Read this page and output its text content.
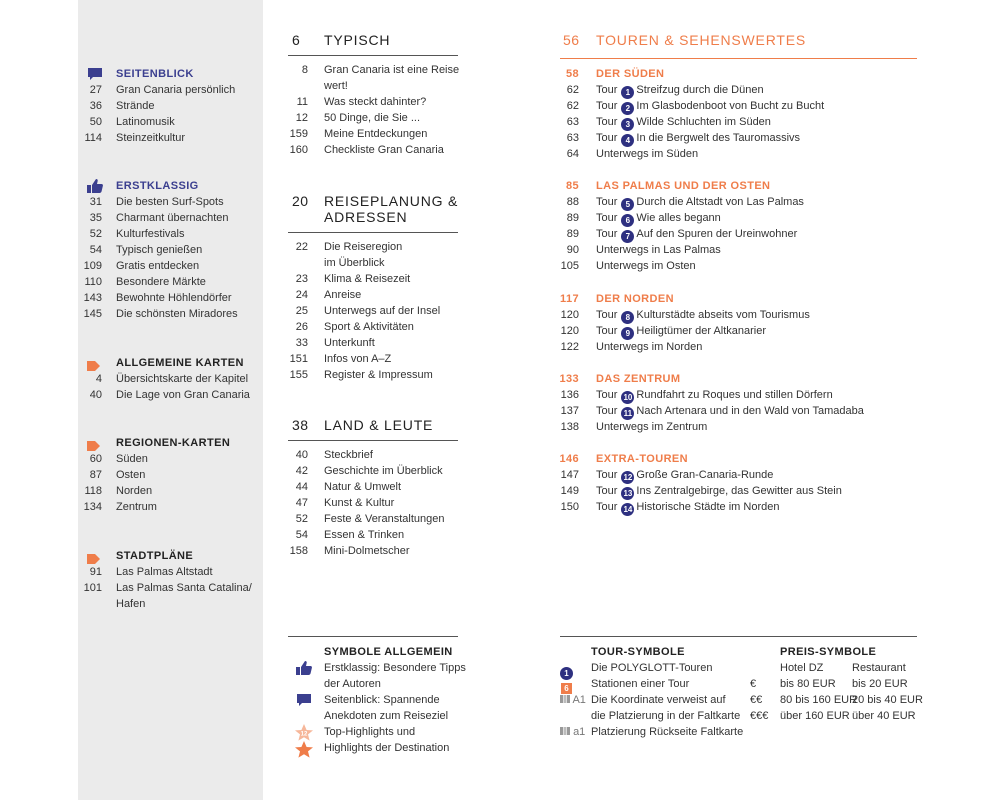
SEITENBLICK
27 Gran Canaria persönlich
36 Strände
50 Latinomusik
114 Steinzeitkultur
ERSTKLASSIG
31 Die besten Surf-Spots
35 Charmant übernachten
52 Kulturfestivals
54 Typisch genießen
109 Gratis entdecken
110 Besondere Märkte
143 Bewohnte Höhlendörfer
145 Die schönsten Miradores
ALLGEMEINE KARTEN
4 Übersichtskarte der Kapitel
40 Die Lage von Gran Canaria
REGIONEN-KARTEN
60 Süden
87 Osten
118 Norden
134 Zentrum
STADTPLÄNE
91 Las Palmas Altstadt
101 Las Palmas Santa Catalina/
Hafen
6 TYPISCH
8 Gran Canaria ist eine Reise
wert!
11 Was steckt dahinter?
12 50 Dinge, die Sie ...
159 Meine Entdeckungen
160 Checkliste Gran Canaria
20 REISEPLANUNG &
ADRESSEN
22 Die Reiseregion
im Überblick
23 Klima & Reisezeit
24 Anreise
25 Unterwegs auf der Insel
26 Sport & Aktivitäten
33 Unterkunft
151 Infos von A–Z
155 Register & Impressum
38 LAND & LEUTE
40 Steckbrief
42 Geschichte im Überblick
44 Natur & Umwelt
47 Kunst & Kultur
52 Feste & Veranstaltungen
54 Essen & Trinken
158 Mini-Dolmetscher
56 TOUREN & SEHENSWERTES
58 DER SÜDEN
62 Tour 1 Streifzug durch die Dünen
62 Tour 2 Im Glasbodenboot von Bucht zu Bucht
63 Tour 3 Wilde Schluchten im Süden
63 Tour 4 In die Bergwelt des Tauromassivs
64 Unterwegs im Süden
85 LAS PALMAS UND DER OSTEN
88 Tour 5 Durch die Altstadt von Las Palmas
89 Tour 6 Wie alles begann
89 Tour 7 Auf den Spuren der Ureinwohner
90 Unterwegs in Las Palmas
105 Unterwegs im Osten
117 DER NORDEN
120 Tour 8 Kulturstädte abseits vom Tourismus
120 Tour 9 Heiligtümer der Altkanarier
122 Unterwegs im Norden
133 DAS ZENTRUM
136 Tour 10 Rundfahrt zu Roques und stillen Dörfern
137 Tour 11 Nach Artenara und in den Wald von Tamadaba
138 Unterwegs im Zentrum
146 EXTRA-TOUREN
147 Tour 12 Große Gran-Canaria-Runde
149 Tour 13 Ins Zentralgebirge, das Gewitter aus Stein
150 Tour 14 Historische Städte im Norden
SYMBOLE ALLGEMEIN
Erstklassig: Besondere Tipps
der Autoren
Seitenblick: Spannende
Anekdoten zum Reiseziel
12 Top-Highlights und
Highlights der Destination
TOUR-SYMBOLE
1	Die POLYGLOTT-Touren
6 Stationen einer Tour
A1 Die Koordinate verweist auf
die Platzierung in der Faltkarte
a1 Platzierung Rückseite Faltkarte
PREIS-SYMBOLE
Hotel DZ	Restaurant
€ bis 80 EUR bis 20 EUR
€€ 80 bis 160 EUR
20 bis 40 EUR
€€€ über 160 EUR über 40 EUR
